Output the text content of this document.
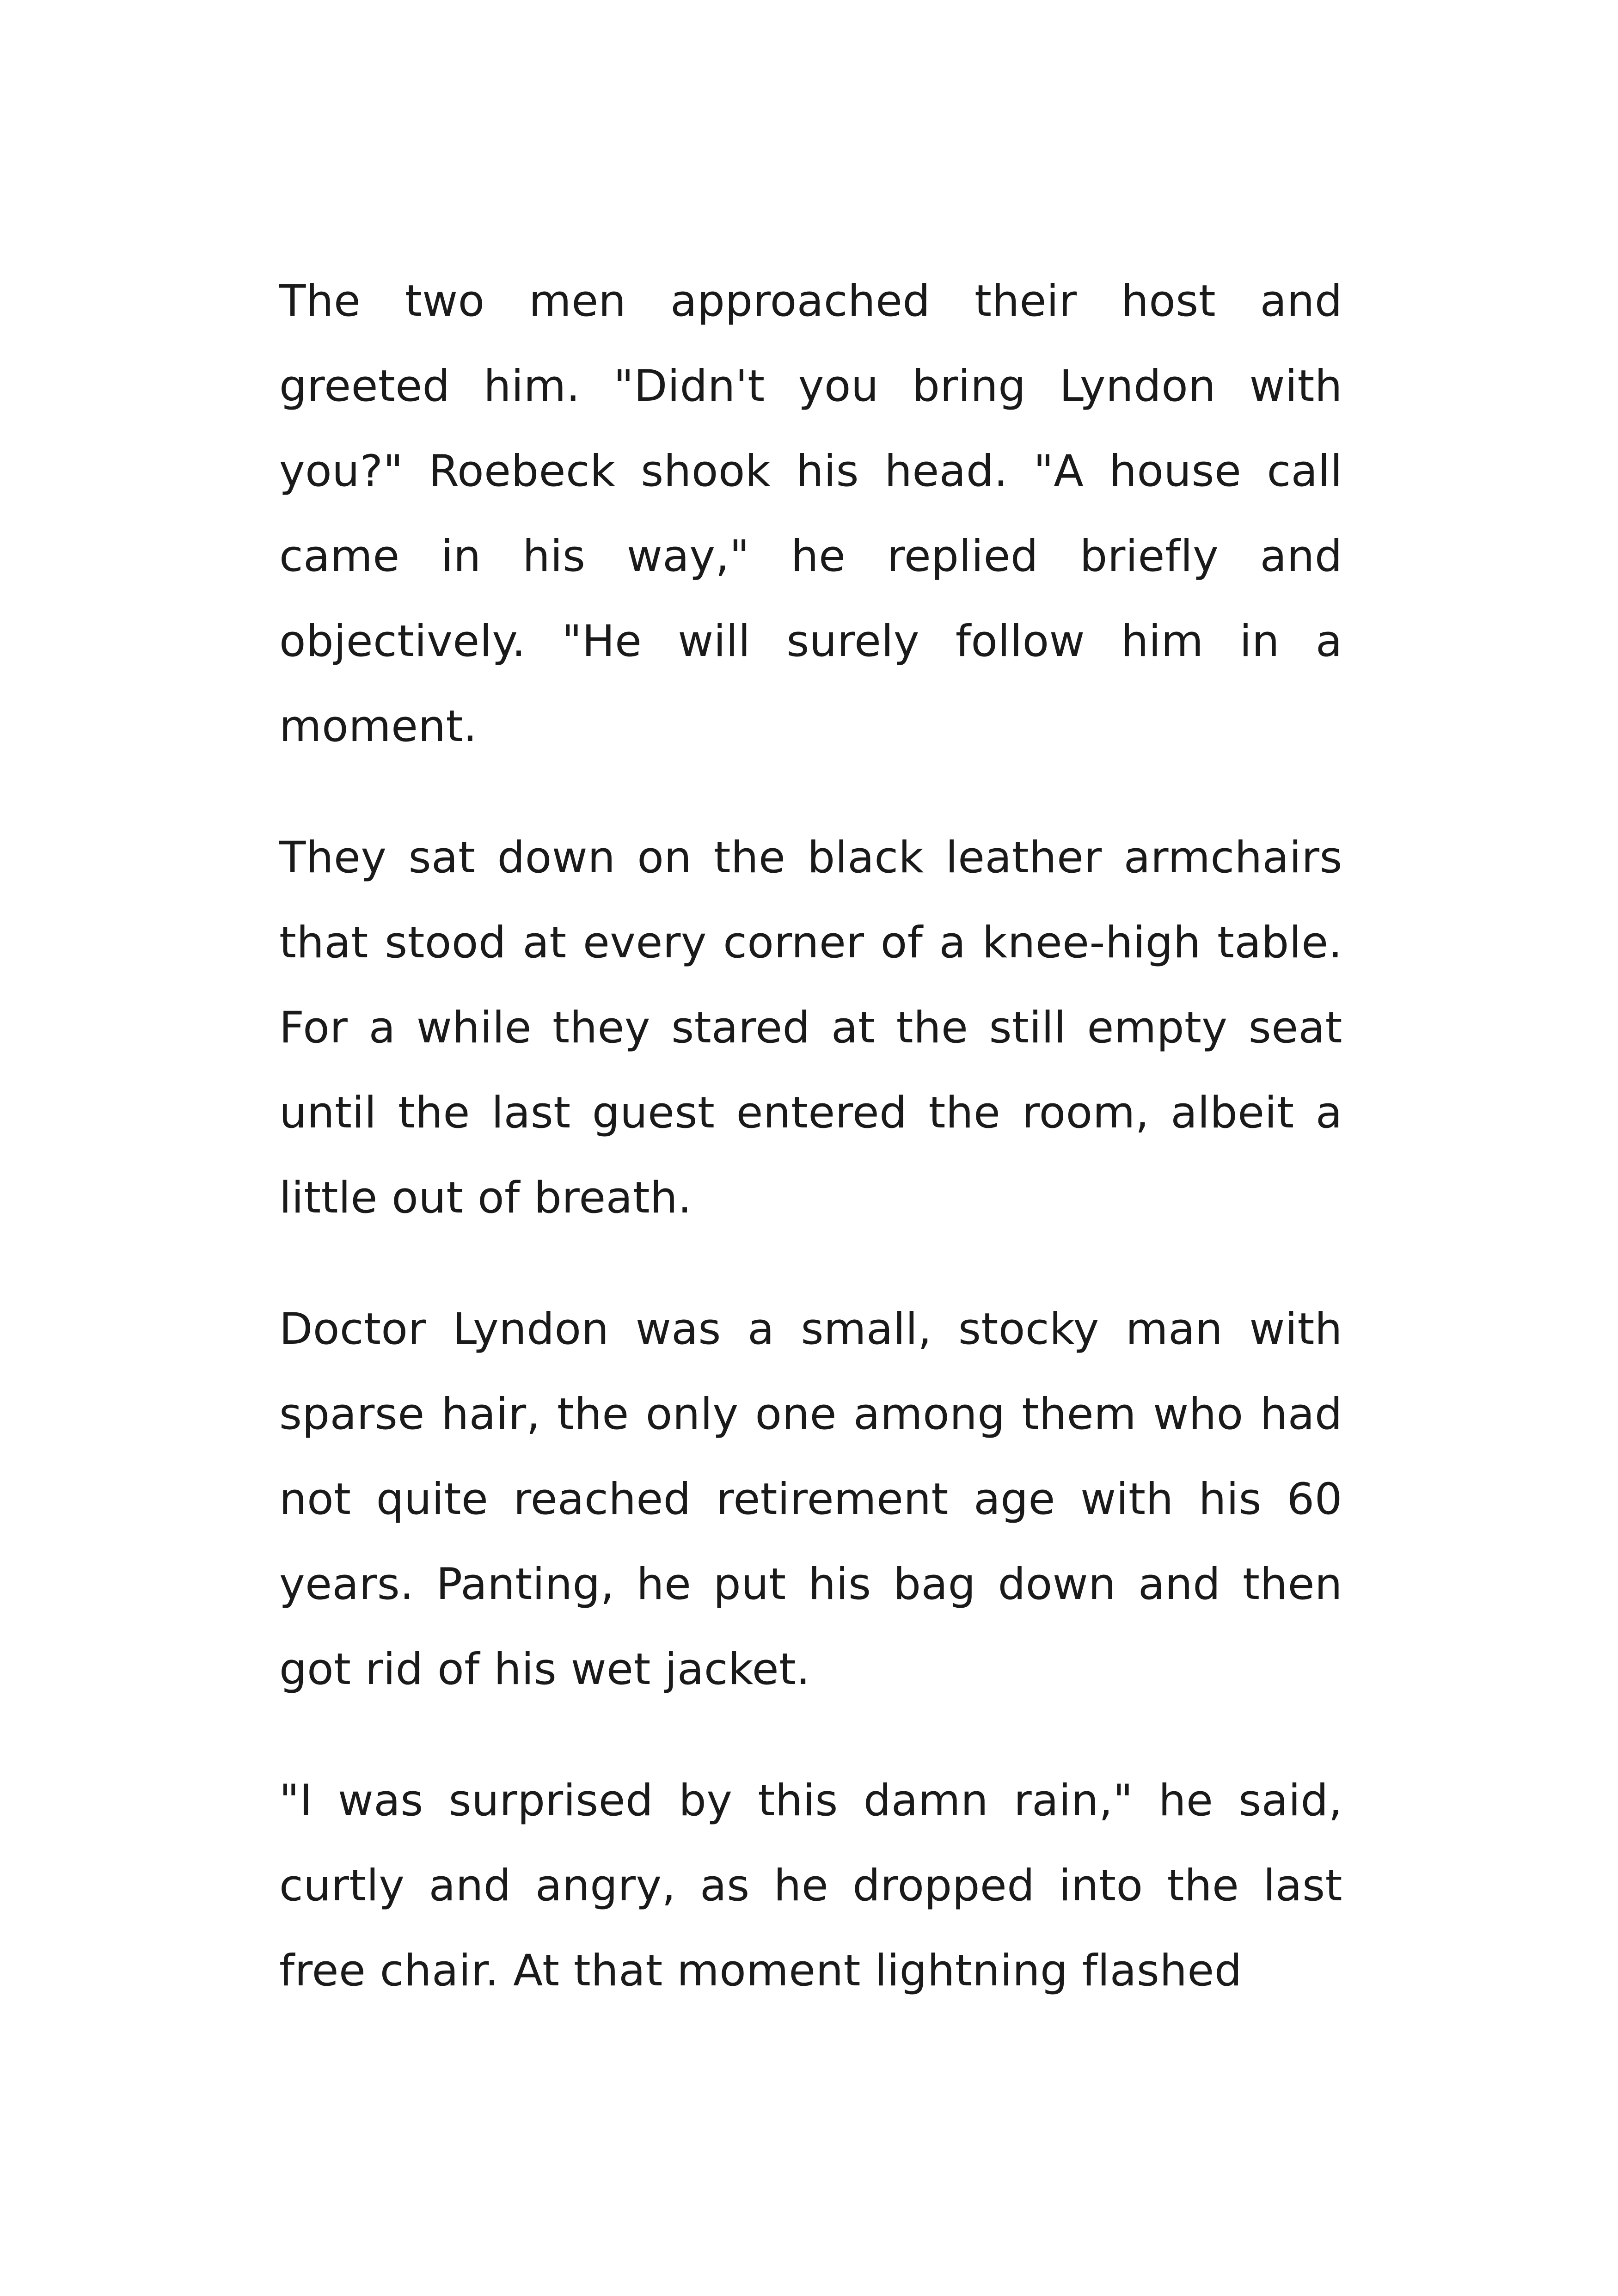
The two men approached their host and greeted him. "Didn't you bring Lyndon with you?" Roebeck shook his head. "A house call came in his way," he replied briefly and objectively. "He will surely follow him in a moment.

They sat down on the black leather armchairs that stood at every corner of a knee-high table. For a while they stared at the still empty seat until the last guest entered the room, albeit a little out of breath.

Doctor Lyndon was a small, stocky man with sparse hair, the only one among them who had not quite reached retirement age with his 60 years. Panting, he put his bag down and then got rid of his wet jacket.

"I was surprised by this damn rain," he said, curtly and angry, as he dropped into the last free chair. At that moment lightning flashed
